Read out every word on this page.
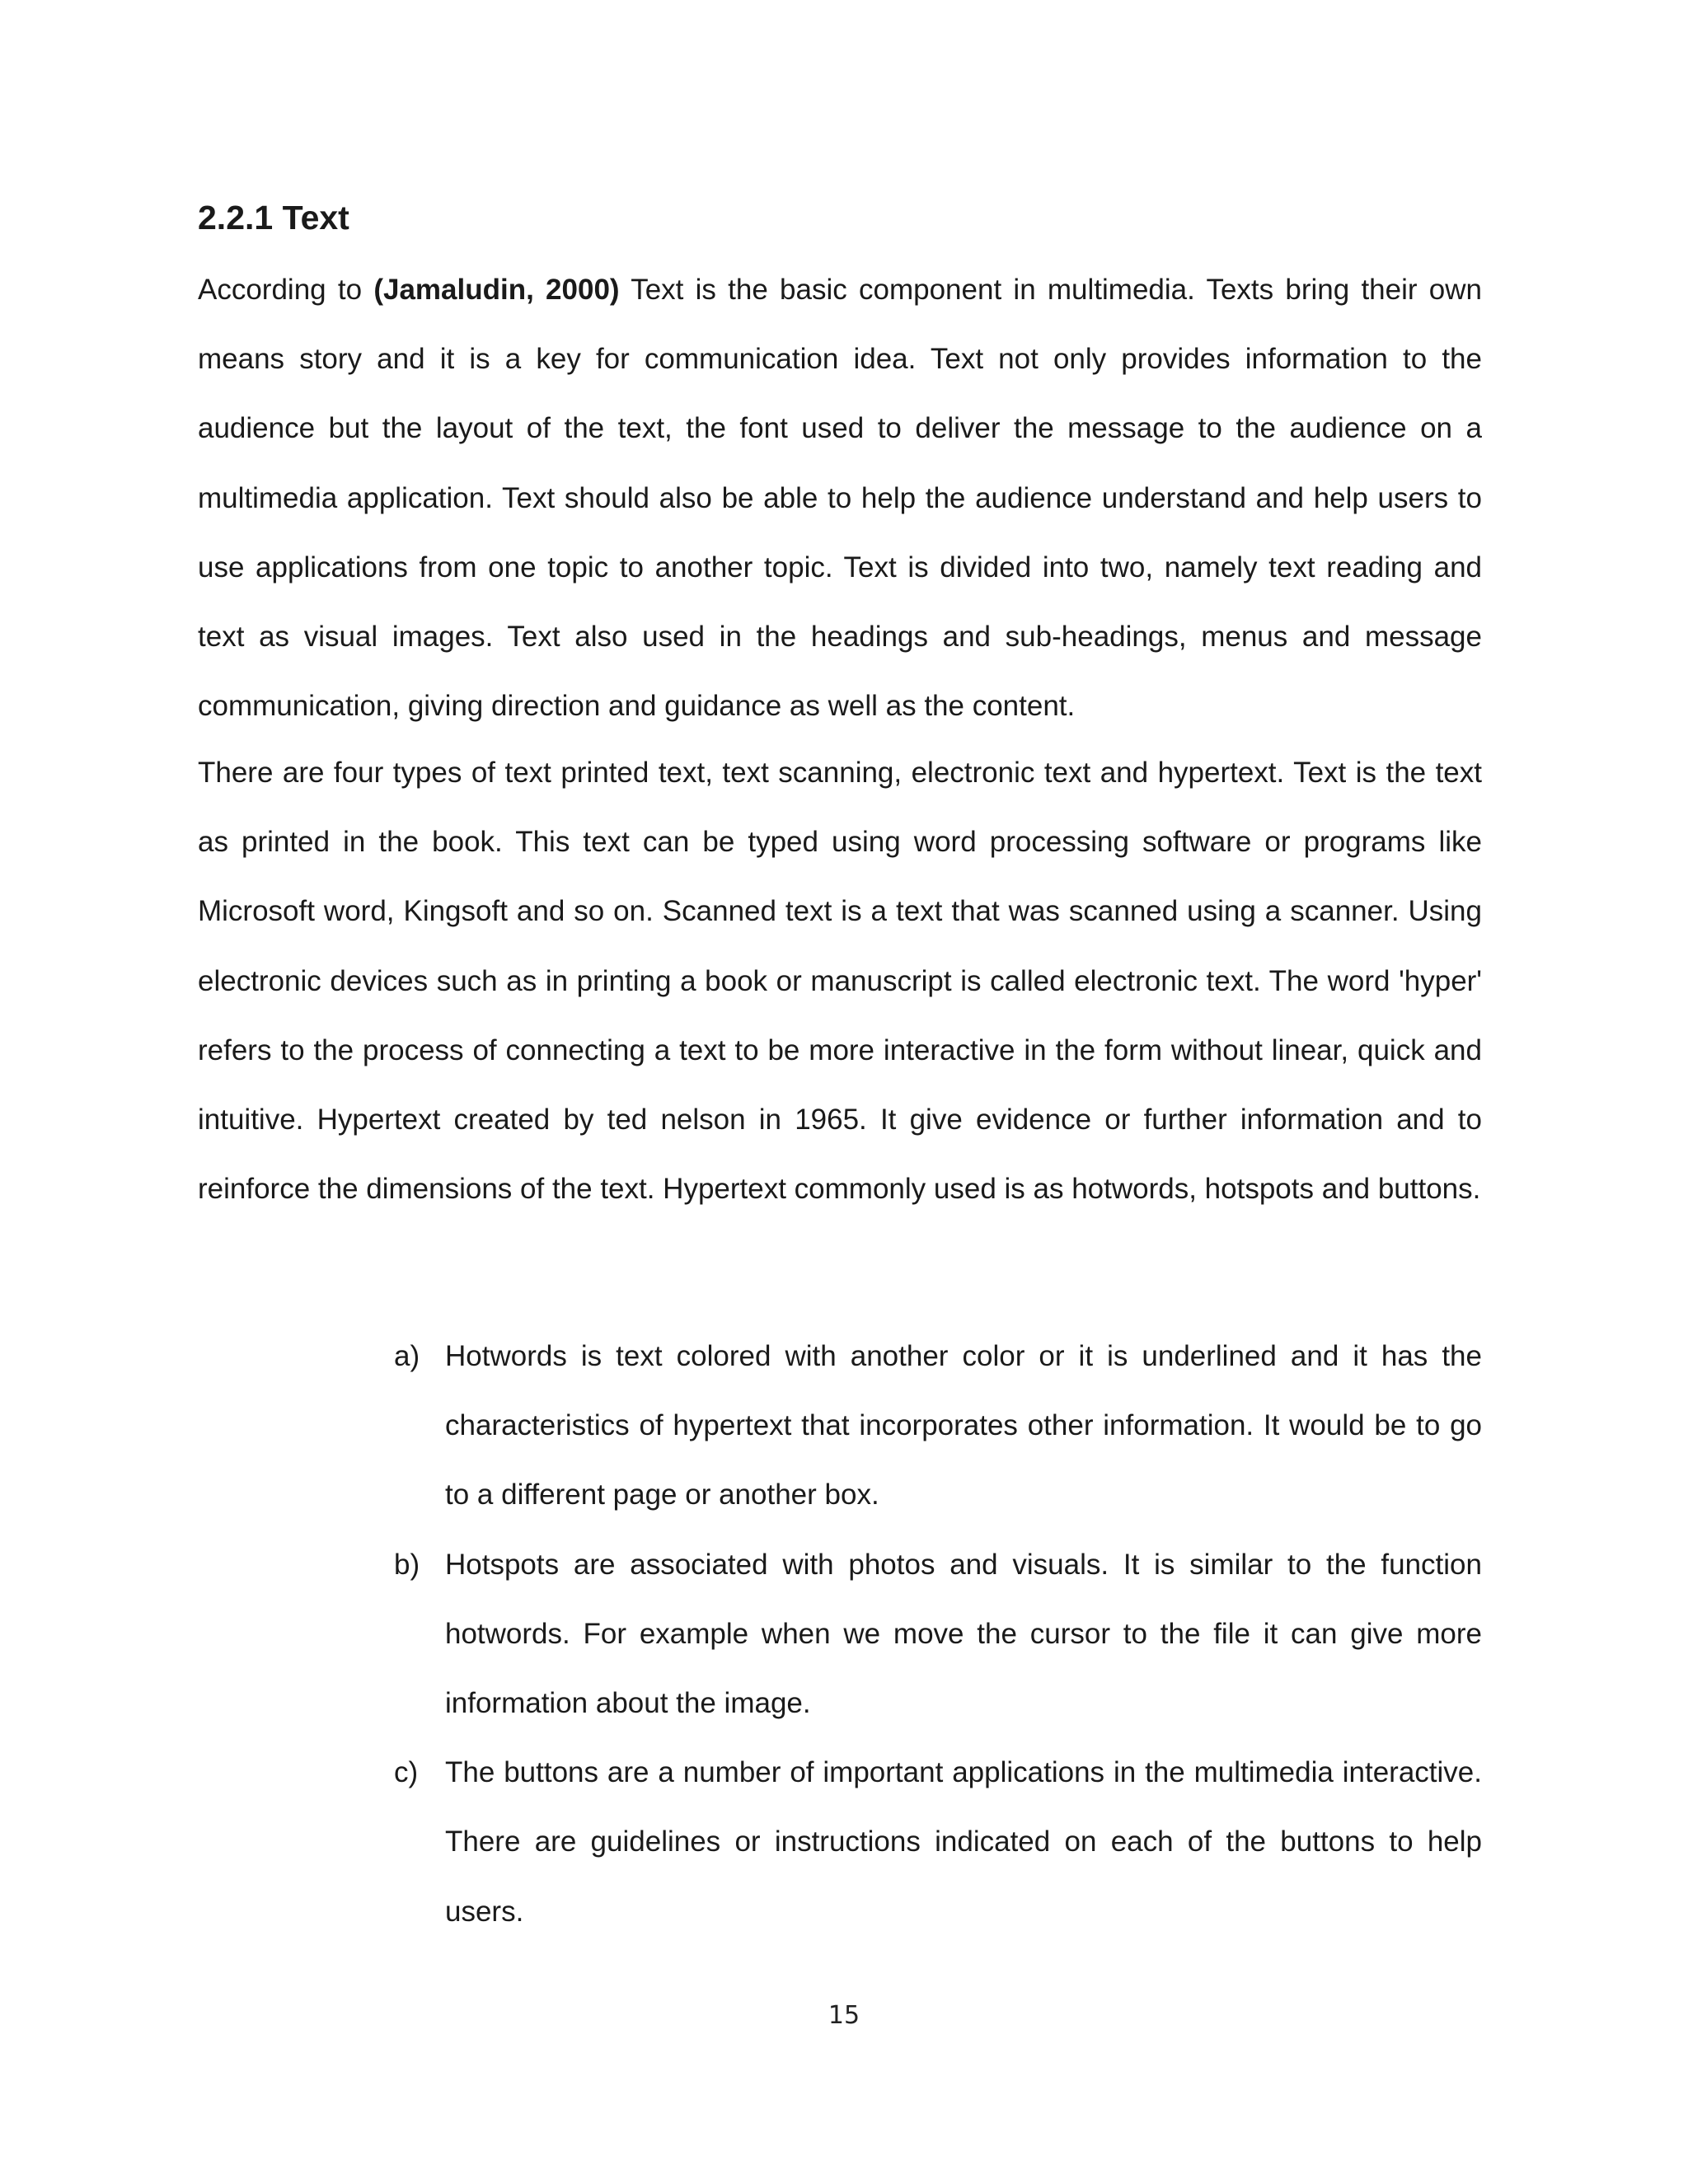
2.2.1 Text

According to (Jamaludin, 2000) Text is the basic component in multimedia. Texts bring their own means story and it is a key for communication idea. Text not only provides information to the audience but the layout of the text, the font used to deliver the message to the audience on a multimedia application. Text should also be able to help the audience understand and help users to use applications from one topic to another topic. Text is divided into two, namely text reading and text as visual images. Text also used in the headings and sub-headings, menus and message communication, giving direction and guidance as well as the content.

There are four types of text printed text, text scanning, electronic text and hypertext. Text is the text as printed in the book. This text can be typed using word processing software or programs like Microsoft word, Kingsoft and so on. Scanned text is a text that was scanned using a scanner. Using electronic devices such as in printing a book or manuscript is called electronic text. The word 'hyper' refers to the process of connecting a text to be more interactive in the form without linear, quick and intuitive. Hypertext created by ted nelson in 1965. It give evidence or further information and to reinforce the dimensions of the text. Hypertext commonly used is as hotwords, hotspots and buttons.

a) Hotwords is text colored with another color or it is underlined and it has the characteristics of hypertext that incorporates other information. It would be to go to a different page or another box.
b) Hotspots are associated with photos and visuals. It is similar to the function hotwords. For example when we move the cursor to the file it can give more information about the image.
c) The buttons are a number of important applications in the multimedia interactive. There are guidelines or instructions indicated on each of the buttons to help users.
15
